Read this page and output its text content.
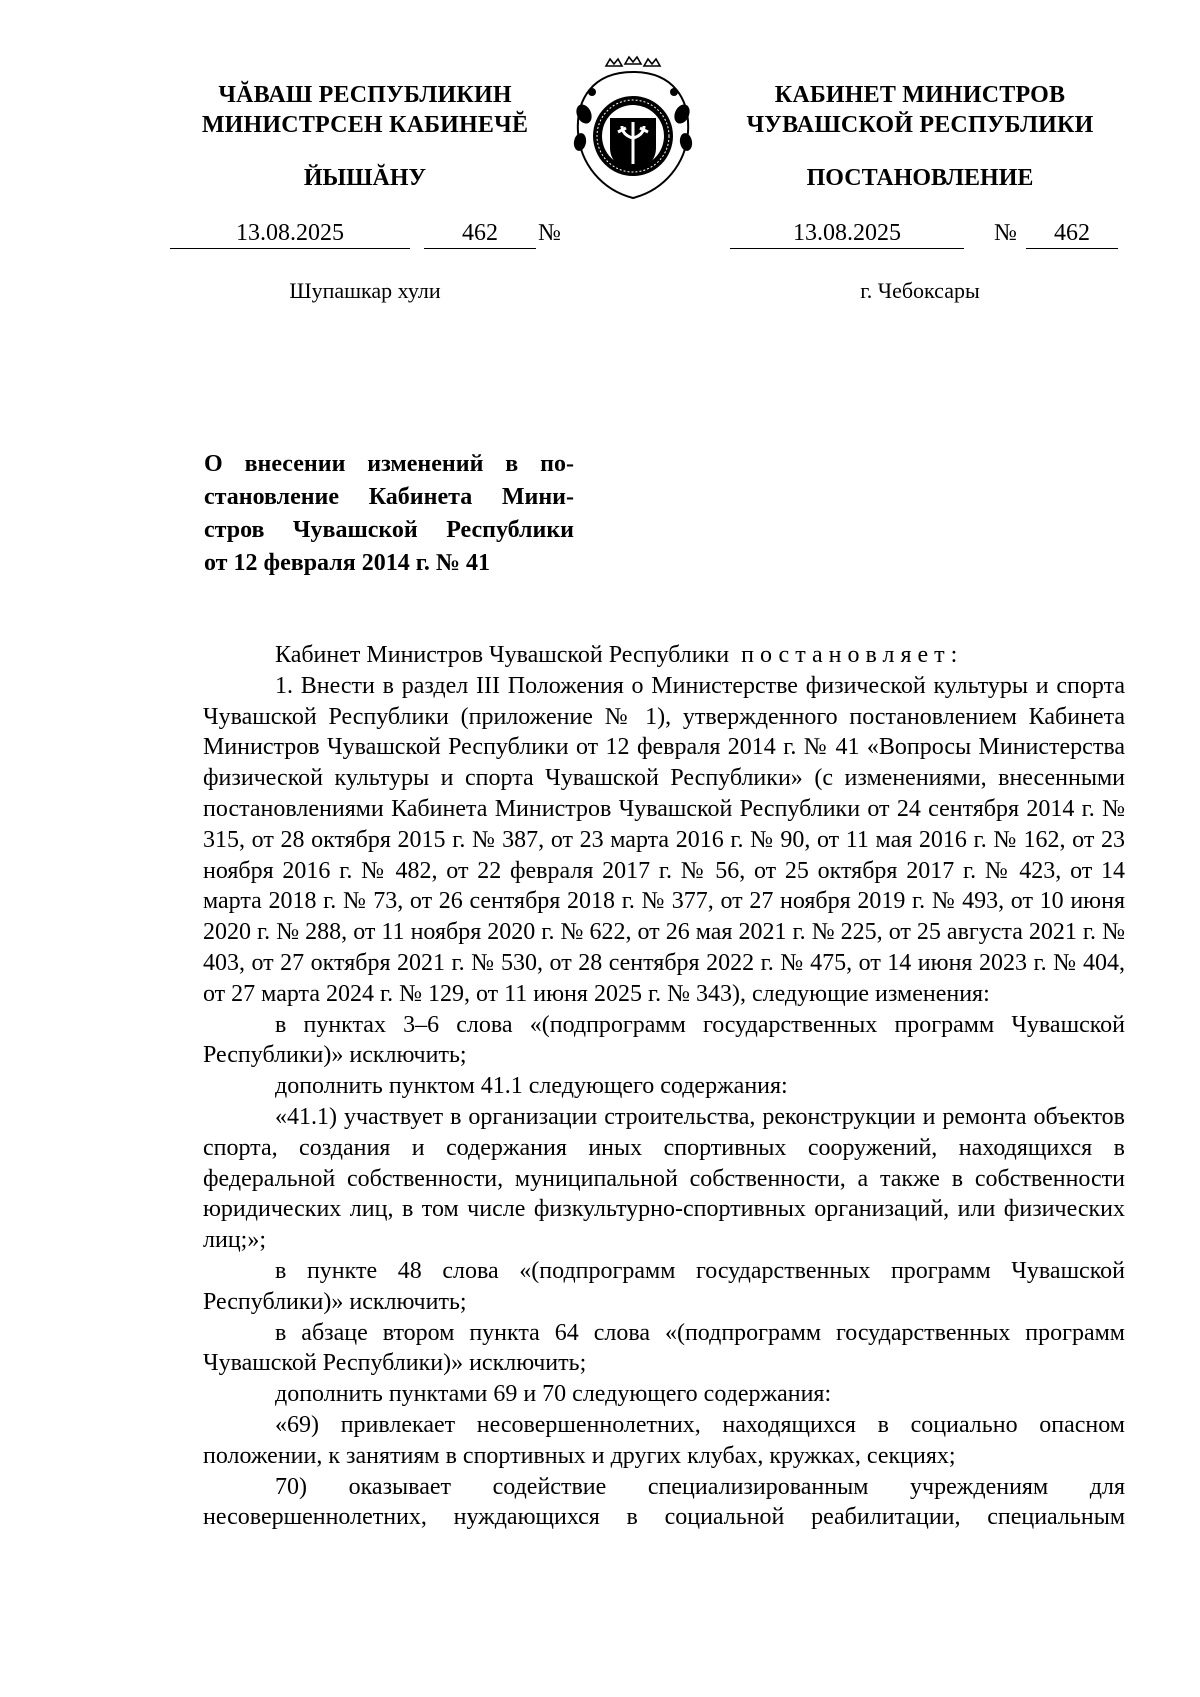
ЧĂВАШ РЕСПУБЛИКИН
МИНИСТРСЕН КАБИНЕЧĔ
ЙЫШĂНУ
КАБИНЕТ МИНИСТРОВ
ЧУВАШСКОЙ РЕСПУБЛИКИ
ПОСТАНОВЛЕНИЕ
13.08.2025	462	№	13.08.2025	№	462
Шупашкар хули	г. Чебоксары
О внесении изменений в по-
становление Кабинета Мини-
стров Чувашской Республики
от 12 февраля 2014 г. № 41

Кабинет Министров Чувашской Республики постановляет:

1. Внести в раздел III Положения о Министерстве физической культуры и спорта Чувашской Республики (приложение № 1), утвержденного постановлением Кабинета Министров Чувашской Республики от 12 февраля 2014 г. № 41 «Вопросы Министерства физической культуры и спорта Чувашской Республики» (с изменениями, внесенными постановлениями Кабинета Министров Чувашской Республики от 24 сентября 2014 г. № 315, от 28 октября 2015 г. № 387, от 23 марта 2016 г. № 90, от 11 мая 2016 г. № 162, от 23 ноября 2016 г. № 482, от 22 февраля 2017 г. № 56, от 25 октября 2017 г. № 423, от 14 марта 2018 г. № 73, от 26 сентября 2018 г. № 377, от 27 ноября 2019 г. № 493, от 10 июня 2020 г. № 288, от 11 ноября 2020 г. № 622, от 26 мая 2021 г. № 225, от 25 августа 2021 г. № 403, от 27 октября 2021 г. № 530, от 28 сентября 2022 г. № 475, от 14 июня 2023 г. № 404, от 27 марта 2024 г. № 129, от 11 июня 2025 г. № 343), следующие изменения:

в пунктах 3–6 слова «(подпрограмм государственных программ Чувашской Республики)» исключить;

дополнить пунктом 41.1 следующего содержания:

«41.1) участвует в организации строительства, реконструкции и ремонта объектов спорта, создания и содержания иных спортивных сооружений, находящихся в федеральной собственности, муниципальной собственности, а также в собственности юридических лиц, в том числе физкультурно-спортивных организаций, или физических лиц;»;

в пункте 48 слова «(подпрограмм государственных программ Чувашской Республики)» исключить;

в абзаце втором пункта 64 слова «(подпрограмм государственных программ Чувашской Республики)» исключить;

дополнить пунктами 69 и 70 следующего содержания:

«69) привлекает несовершеннолетних, находящихся в социально опасном положении, к занятиям в спортивных и других клубах, кружках, секциях;

70) оказывает содействие специализированным учреждениям для несовершеннолетних, нуждающихся в социальной реабилитации, специальным
